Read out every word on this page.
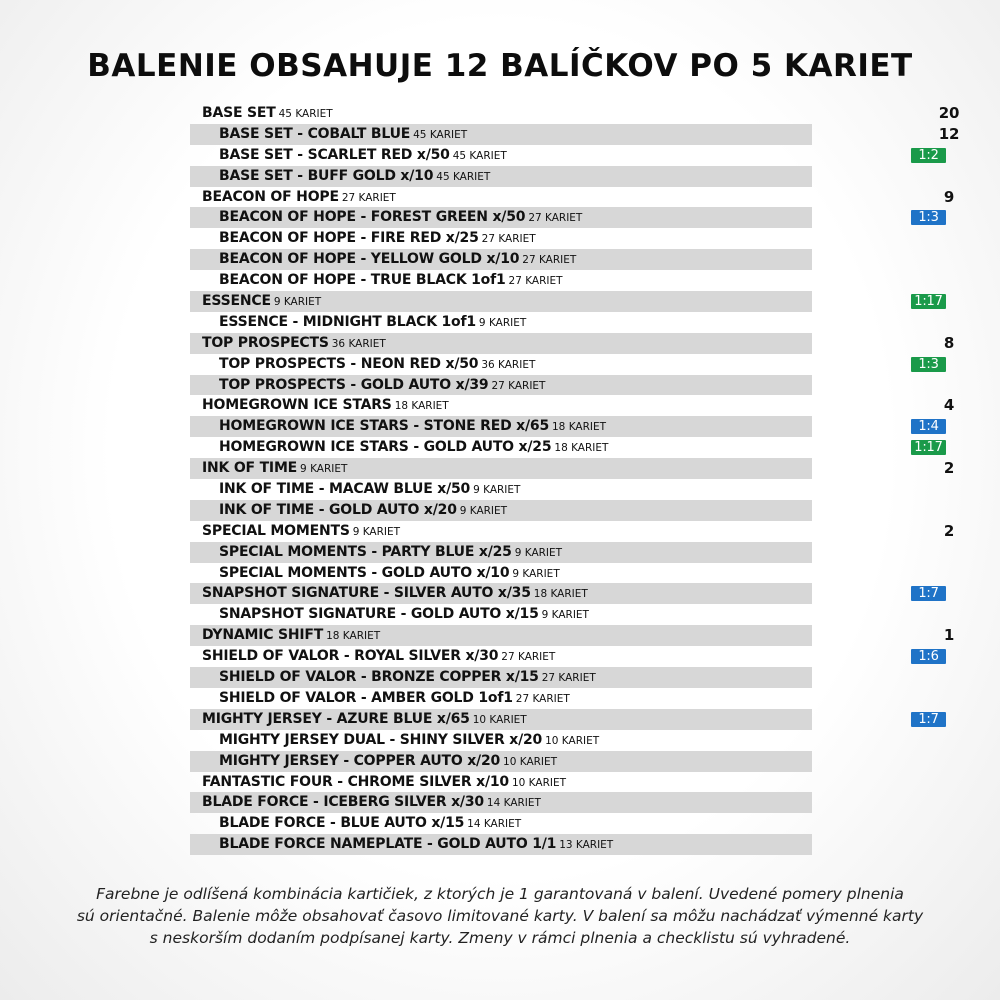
BALENIE OBSAHUJE 12 BALÍČKOV PO 5 KARIET
BASE SET 45 KARIET	20
BASE SET - COBALT BLUE 45 KARIET	12
BASE SET - SCARLET RED x/50 45 KARIET	1:2
BASE SET - BUFF GOLD x/10 45 KARIET
BEACON OF HOPE 27 KARIET	9
BEACON OF HOPE - FOREST GREEN x/50 27 KARIET	1:3
BEACON OF HOPE - FIRE RED x/25 27 KARIET
BEACON OF HOPE - YELLOW GOLD x/10 27 KARIET
BEACON OF HOPE - TRUE BLACK 1of1 27 KARIET
ESSENCE 9 KARIET	1:17
ESSENCE - MIDNIGHT BLACK 1of1 9 KARIET
TOP PROSPECTS 36 KARIET	8
TOP PROSPECTS - NEON RED x/50 36 KARIET	1:3
TOP PROSPECTS - GOLD AUTO x/39 27 KARIET
HOMEGROWN ICE STARS 18 KARIET	4
HOMEGROWN ICE STARS - STONE RED x/65 18 KARIET	1:4
HOMEGROWN ICE STARS - GOLD AUTO x/25 18 KARIET	1:17
INK OF TIME 9 KARIET	2
INK OF TIME - MACAW BLUE x/50 9 KARIET
INK OF TIME - GOLD AUTO x/20 9 KARIET
SPECIAL MOMENTS 9 KARIET	2
SPECIAL MOMENTS - PARTY BLUE x/25 9 KARIET
SPECIAL MOMENTS - GOLD AUTO x/10 9 KARIET
SNAPSHOT SIGNATURE - SILVER AUTO x/35 18 KARIET	1:7
SNAPSHOT SIGNATURE - GOLD AUTO x/15 9 KARIET
DYNAMIC SHIFT 18 KARIET	1
SHIELD OF VALOR - ROYAL SILVER x/30 27 KARIET	1:6
SHIELD OF VALOR - BRONZE COPPER x/15 27 KARIET
SHIELD OF VALOR - AMBER GOLD 1of1 27 KARIET
MIGHTY JERSEY - AZURE BLUE x/65 10 KARIET	1:7
MIGHTY JERSEY DUAL - SHINY SILVER x/20 10 KARIET
MIGHTY JERSEY - COPPER AUTO x/20 10 KARIET
FANTASTIC FOUR - CHROME SILVER x/10 10 KARIET
BLADE FORCE - ICEBERG SILVER x/30 14 KARIET
BLADE FORCE - BLUE AUTO x/15 14 KARIET
BLADE FORCE NAMEPLATE - GOLD AUTO 1/1 13 KARIET
Farebne je odlíšená kombinácia kartičiek, z ktorých je 1 garantovaná v balení. Uvedené pomery plnenia
sú orientačné. Balenie môže obsahovať časovo limitované karty. V balení sa môžu nachádzať výmenné karty
s neskorším dodaním podpísanej karty. Zmeny v rámci plnenia a checklistu sú vyhradené.
